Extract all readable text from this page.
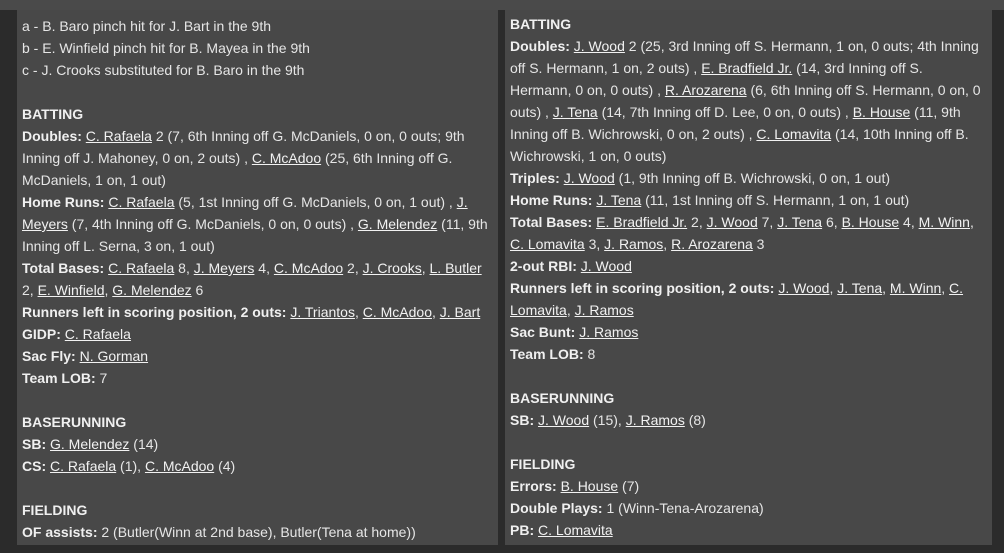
a - B. Baro pinch hit for J. Bart in the 9th
b - E. Winfield pinch hit for B. Mayea in the 9th
c - J. Crooks substituted for B. Baro in the 9th
BATTING
Doubles: C. Rafaela 2 (7, 6th Inning off G. McDaniels, 0 on, 0 outs; 9th Inning off J. Mahoney, 0 on, 2 outs) , C. McAdoo (25, 6th Inning off G. McDaniels, 1 on, 1 out)
Home Runs: C. Rafaela (5, 1st Inning off G. McDaniels, 0 on, 1 out) , J. Meyers (7, 4th Inning off G. McDaniels, 0 on, 0 outs) , G. Melendez (11, 9th Inning off L. Serna, 3 on, 1 out)
Total Bases: C. Rafaela 8, J. Meyers 4, C. McAdoo 2, J. Crooks, L. Butler 2, E. Winfield, G. Melendez 6
Runners left in scoring position, 2 outs: J. Triantos, C. McAdoo, J. Bart
GIDP: C. Rafaela
Sac Fly: N. Gorman
Team LOB: 7
BASERUNNING
SB: G. Melendez (14)
CS: C. Rafaela (1), C. McAdoo (4)
FIELDING
OF assists: 2 (Butler(Winn at 2nd base), Butler(Tena at home))
BATTING
Doubles: J. Wood 2 (25, 3rd Inning off S. Hermann, 1 on, 0 outs; 4th Inning off S. Hermann, 1 on, 2 outs) , E. Bradfield Jr. (14, 3rd Inning off S. Hermann, 0 on, 0 outs) , R. Arozarena (6, 6th Inning off S. Hermann, 0 on, 0 outs) , J. Tena (14, 7th Inning off D. Lee, 0 on, 0 outs) , B. House (11, 9th Inning off B. Wichrowski, 0 on, 2 outs) , C. Lomavita (14, 10th Inning off B. Wichrowski, 1 on, 0 outs)
Triples: J. Wood (1, 9th Inning off B. Wichrowski, 0 on, 1 out)
Home Runs: J. Tena (11, 1st Inning off S. Hermann, 1 on, 1 out)
Total Bases: E. Bradfield Jr. 2, J. Wood 7, J. Tena 6, B. House 4, M. Winn, C. Lomavita 3, J. Ramos, R. Arozarena 3
2-out RBI: J. Wood
Runners left in scoring position, 2 outs: J. Wood, J. Tena, M. Winn, C. Lomavita, J. Ramos
Sac Bunt: J. Ramos
Team LOB: 8
BASERUNNING
SB: J. Wood (15), J. Ramos (8)
FIELDING
Errors: B. House (7)
Double Plays: 1 (Winn-Tena-Arozarena)
PB: C. Lomavita
